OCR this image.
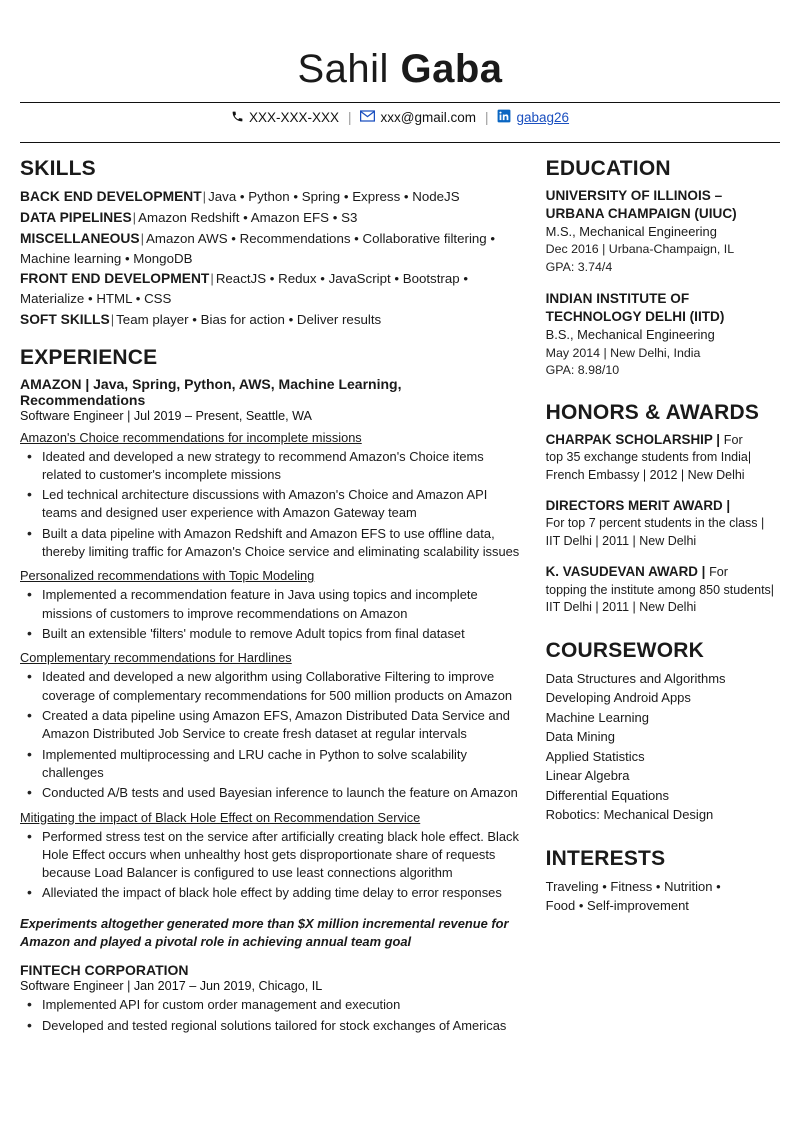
Sahil Gaba
XXX-XXX-XXX | xxx@gmail.com | gabag26
SKILLS

BACK END DEVELOPMENT| Java • Python • Spring • Express • NodeJS

DATA PIPELINES| Amazon Redshift • Amazon EFS • S3

MISCELLANEOUS| Amazon AWS • Recommendations • Collaborative filtering • Machine learning • MongoDB

FRONT END DEVELOPMENT| ReactJS • Redux • JavaScript • Bootstrap • Materialize • HTML • CSS

SOFT SKILLS| Team player • Bias for action • Deliver results

EXPERIENCE

AMAZON | Java, Spring, Python, AWS, Machine Learning, Recommendations

Software Engineer | Jul 2019 – Present, Seattle, WA

Amazon's Choice recommendations for incomplete missions

• Ideated and developed a new strategy to recommend Amazon's Choice items related to customer's incomplete missions
• Led technical architecture discussions with Amazon's Choice and Amazon API teams and designed user experience with Amazon Gateway team
• Built a data pipeline with Amazon Redshift and Amazon EFS to use offline data, thereby limiting traffic for Amazon's Choice service and eliminating scalability issues

Personalized recommendations with Topic Modeling

• Implemented a recommendation feature in Java using topics and incomplete missions of customers to improve recommendations on Amazon
• Built an extensible 'filters' module to remove Adult topics from final dataset

Complementary recommendations for Hardlines

• Ideated and developed a new algorithm using Collaborative Filtering to improve coverage of complementary recommendations for 500 million products on Amazon
• Created a data pipeline using Amazon EFS, Amazon Distributed Data Service and Amazon Distributed Job Service to create fresh dataset at regular intervals
• Implemented multiprocessing and LRU cache in Python to solve scalability challenges
• Conducted A/B tests and used Bayesian inference to launch the feature on Amazon

Mitigating the impact of Black Hole Effect on Recommendation Service

• Performed stress test on the service after artificially creating black hole effect. Black Hole Effect occurs when unhealthy host gets disproportionate share of requests because Load Balancer is configured to use least connections algorithm
• Alleviated the impact of black hole effect by adding time delay to error responses

Experiments altogether generated more than $X million incremental revenue for Amazon and played a pivotal role in achieving annual team goal

FINTECH CORPORATION

Software Engineer | Jan 2017 – Jun 2019, Chicago, IL

• Implemented API for custom order management and execution
• Developed and tested regional solutions tailored for stock exchanges of Americas
EDUCATION

UNIVERSITY OF ILLINOIS – URBANA CHAMPAIGN (UIUC)

M.S., Mechanical Engineering

Dec 2016 | Urbana-Champaign, IL

GPA: 3.74/4

INDIAN INSTITUTE OF TECHNOLOGY DELHI (IITD)

B.S., Mechanical Engineering

May 2014 | New Delhi, India

GPA: 8.98/10

HONORS & AWARDS

CHARPAK SCHOLARSHIP | For

top 35 exchange students from India| French Embassy | 2012 | New Delhi

DIRECTORS MERIT AWARD |

For top 7 percent students in the class | IIT Delhi | 2011 | New Delhi

K. VASUDEVAN AWARD | For

topping the institute among 850 students| IIT Delhi | 2011 | New Delhi

COURSEWORK

Data Structures and Algorithms

Developing Android Apps

Machine Learning

Data Mining

Applied Statistics

Linear Algebra

Differential Equations

Robotics: Mechanical Design

INTERESTS

Traveling • Fitness • Nutrition •

Food • Self-improvement
